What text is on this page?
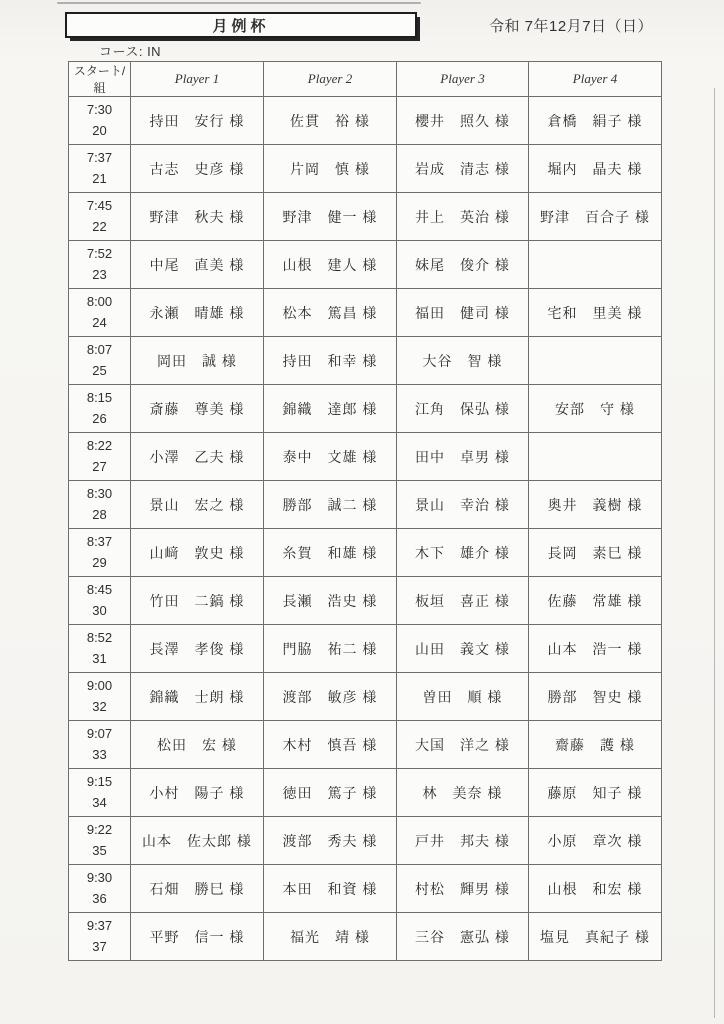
月例杯	令和 7年12月7日（日）
コース: IN
スタート/組	Player 1	Player 2	Player 3	Player 4

7:30
20	持田　安行 様	佐貫　裕 様	櫻井　照久 様	倉橋　絹子 様

7:37
21	古志　史彦 様	片岡　慎 様	岩成　清志 様	堀内　晶夫 様

7:45
22	野津　秋夫 様	野津　健一 様	井上　英治 様	野津　百合子 様

7:52
23	中尾　直美 様	山根　建人 様	妹尾　俊介 様	

8:00
24	永瀬　晴雄 様	松本　篤昌 様	福田　健司 様	宅和　里美 様

8:07
25	岡田　誠 様	持田　和幸 様	大谷　智 様	

8:15
26	斎藤　尊美 様	錦織　達郎 様	江角　保弘 様	安部　守 様

8:22
27	小澤　乙夫 様	泰中　文雄 様	田中　卓男 様	

8:30
28	景山　宏之 様	勝部　誠二 様	景山　幸治 様	奥井　義樹 様

8:37
29	山﨑　敦史 様	糸賀　和雄 様	木下　雄介 様	長岡　素巳 様

8:45
30	竹田　二鎬 様	長瀬　浩史 様	板垣　喜正 様	佐藤　常雄 様

8:52
31	長澤　孝俊 様	門脇　祐二 様	山田　義文 様	山本　浩一 様

9:00
32	錦織　士朗 様	渡部　敏彦 様	曽田　順 様	勝部　智史 様

9:07
33	松田　宏 様	木村　慎吾 様	大国　洋之 様	齋藤　護 様

9:15
34	小村　陽子 様	徳田　篤子 様	林　美奈 様	藤原　知子 様

9:22
35	山本　佐太郎 様	渡部　秀夫 様	戸井　邦夫 様	小原　章次 様

9:30
36	石畑　勝巳 様	本田　和資 様	村松　輝男 様	山根　和宏 様

9:37
37	平野　信一 様	福光　靖 様	三谷　憲弘 様	塩見　真紀子 様
